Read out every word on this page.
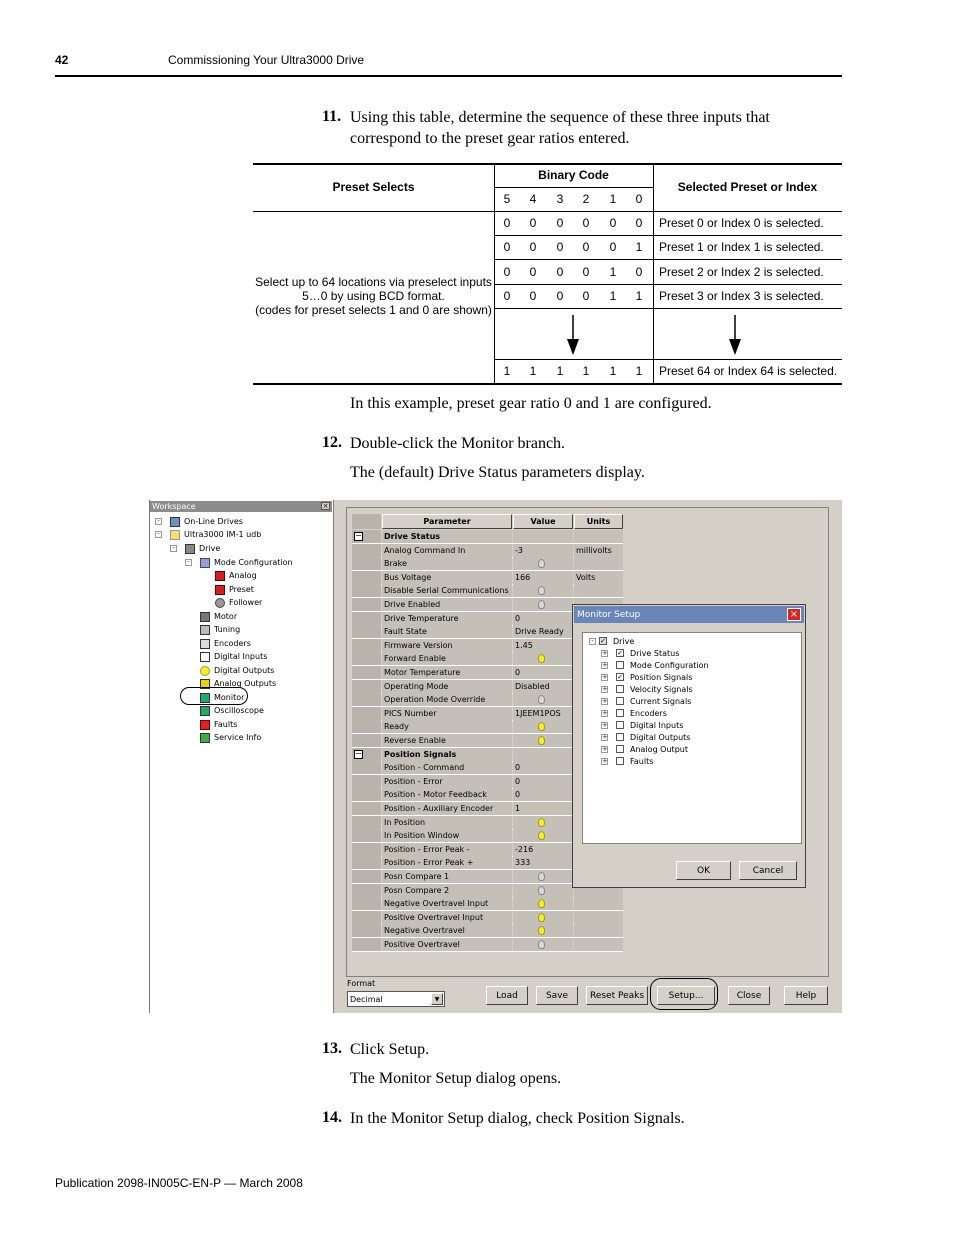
42	Commissioning Your Ultra3000 Drive
11. Using this table, determine the sequence of these three inputs that
correspond to the preset gear ratios entered.
Preset Selects
Binary Code
Selected Preset or Index
5	4	3	2	1	0
Select up to 64 locations via preselect inputs
5…0 by using BCD format.
(codes for preset selects 1 and 0 are shown)
0	0	0	0	0	0	Preset 0 or Index 0 is selected.
0	0	0	0	0	1	Preset 1 or Index 1 is selected.
0	0	0	0	1	0	Preset 2 or Index 2 is selected.
0	0	0	0	1	1	Preset 3 or Index 3 is selected.
1	1	1	1	1	1	Preset 64 or Index 64 is selected.
In this example, preset gear ratio 0 and 1 are configured.
12. Double-click the Monitor branch.
The (default) Drive Status parameters display.
Workspace	×
-	On-Line Drives
-	Ultra3000 IM-1 udb
-	Drive
-	Mode Configuration
Analog
Preset
Follower
Motor
Tuning
Encoders
Digital Inputs
Digital Outputs
Analog Outputs
Monitor
Oscilloscope
Faults
Service Info
Parameter	Value	Units
−	Drive Status
Analog Command In	-3	millivolts
Brake
Bus Voltage	166	Volts
Disable Serial Communications
Drive Enabled
Drive Temperature	0
Fault State	Drive Ready
Firmware Version	1.45
Forward Enable
Motor Temperature	0
Operating Mode	Disabled
Operation Mode Override
PICS Number	1JEEM1POS
Ready
Reverse Enable
−	Position Signals
Position - Command	0
Position - Error	0
Position - Motor Feedback	0
Position - Auxiliary Encoder	1
In Position
In Position Window
Position - Error Peak -	-216
Position - Error Peak +	333
Posn Compare 1
Posn Compare 2
Negative Overtravel Input
Positive Overtravel Input
Negative Overtravel
Positive Overtravel
Format
Decimal	▼	Load	Save	Reset Peaks	Setup...	Close	Help
Monitor Setup	×
- ✓ Drive
+ ✓ Drive Status
+	Mode Configuration
+ ✓ Position Signals
+	Velocity Signals
+	Current Signals
+	Encoders
+	Digital Inputs
+	Digital Outputs
+	Analog Output
+	Faults
OK	Cancel
13. Click Setup.
The Monitor Setup dialog opens.
14. In the Monitor Setup dialog, check Position Signals.
Publication 2098-IN005C-EN-P — March 2008
